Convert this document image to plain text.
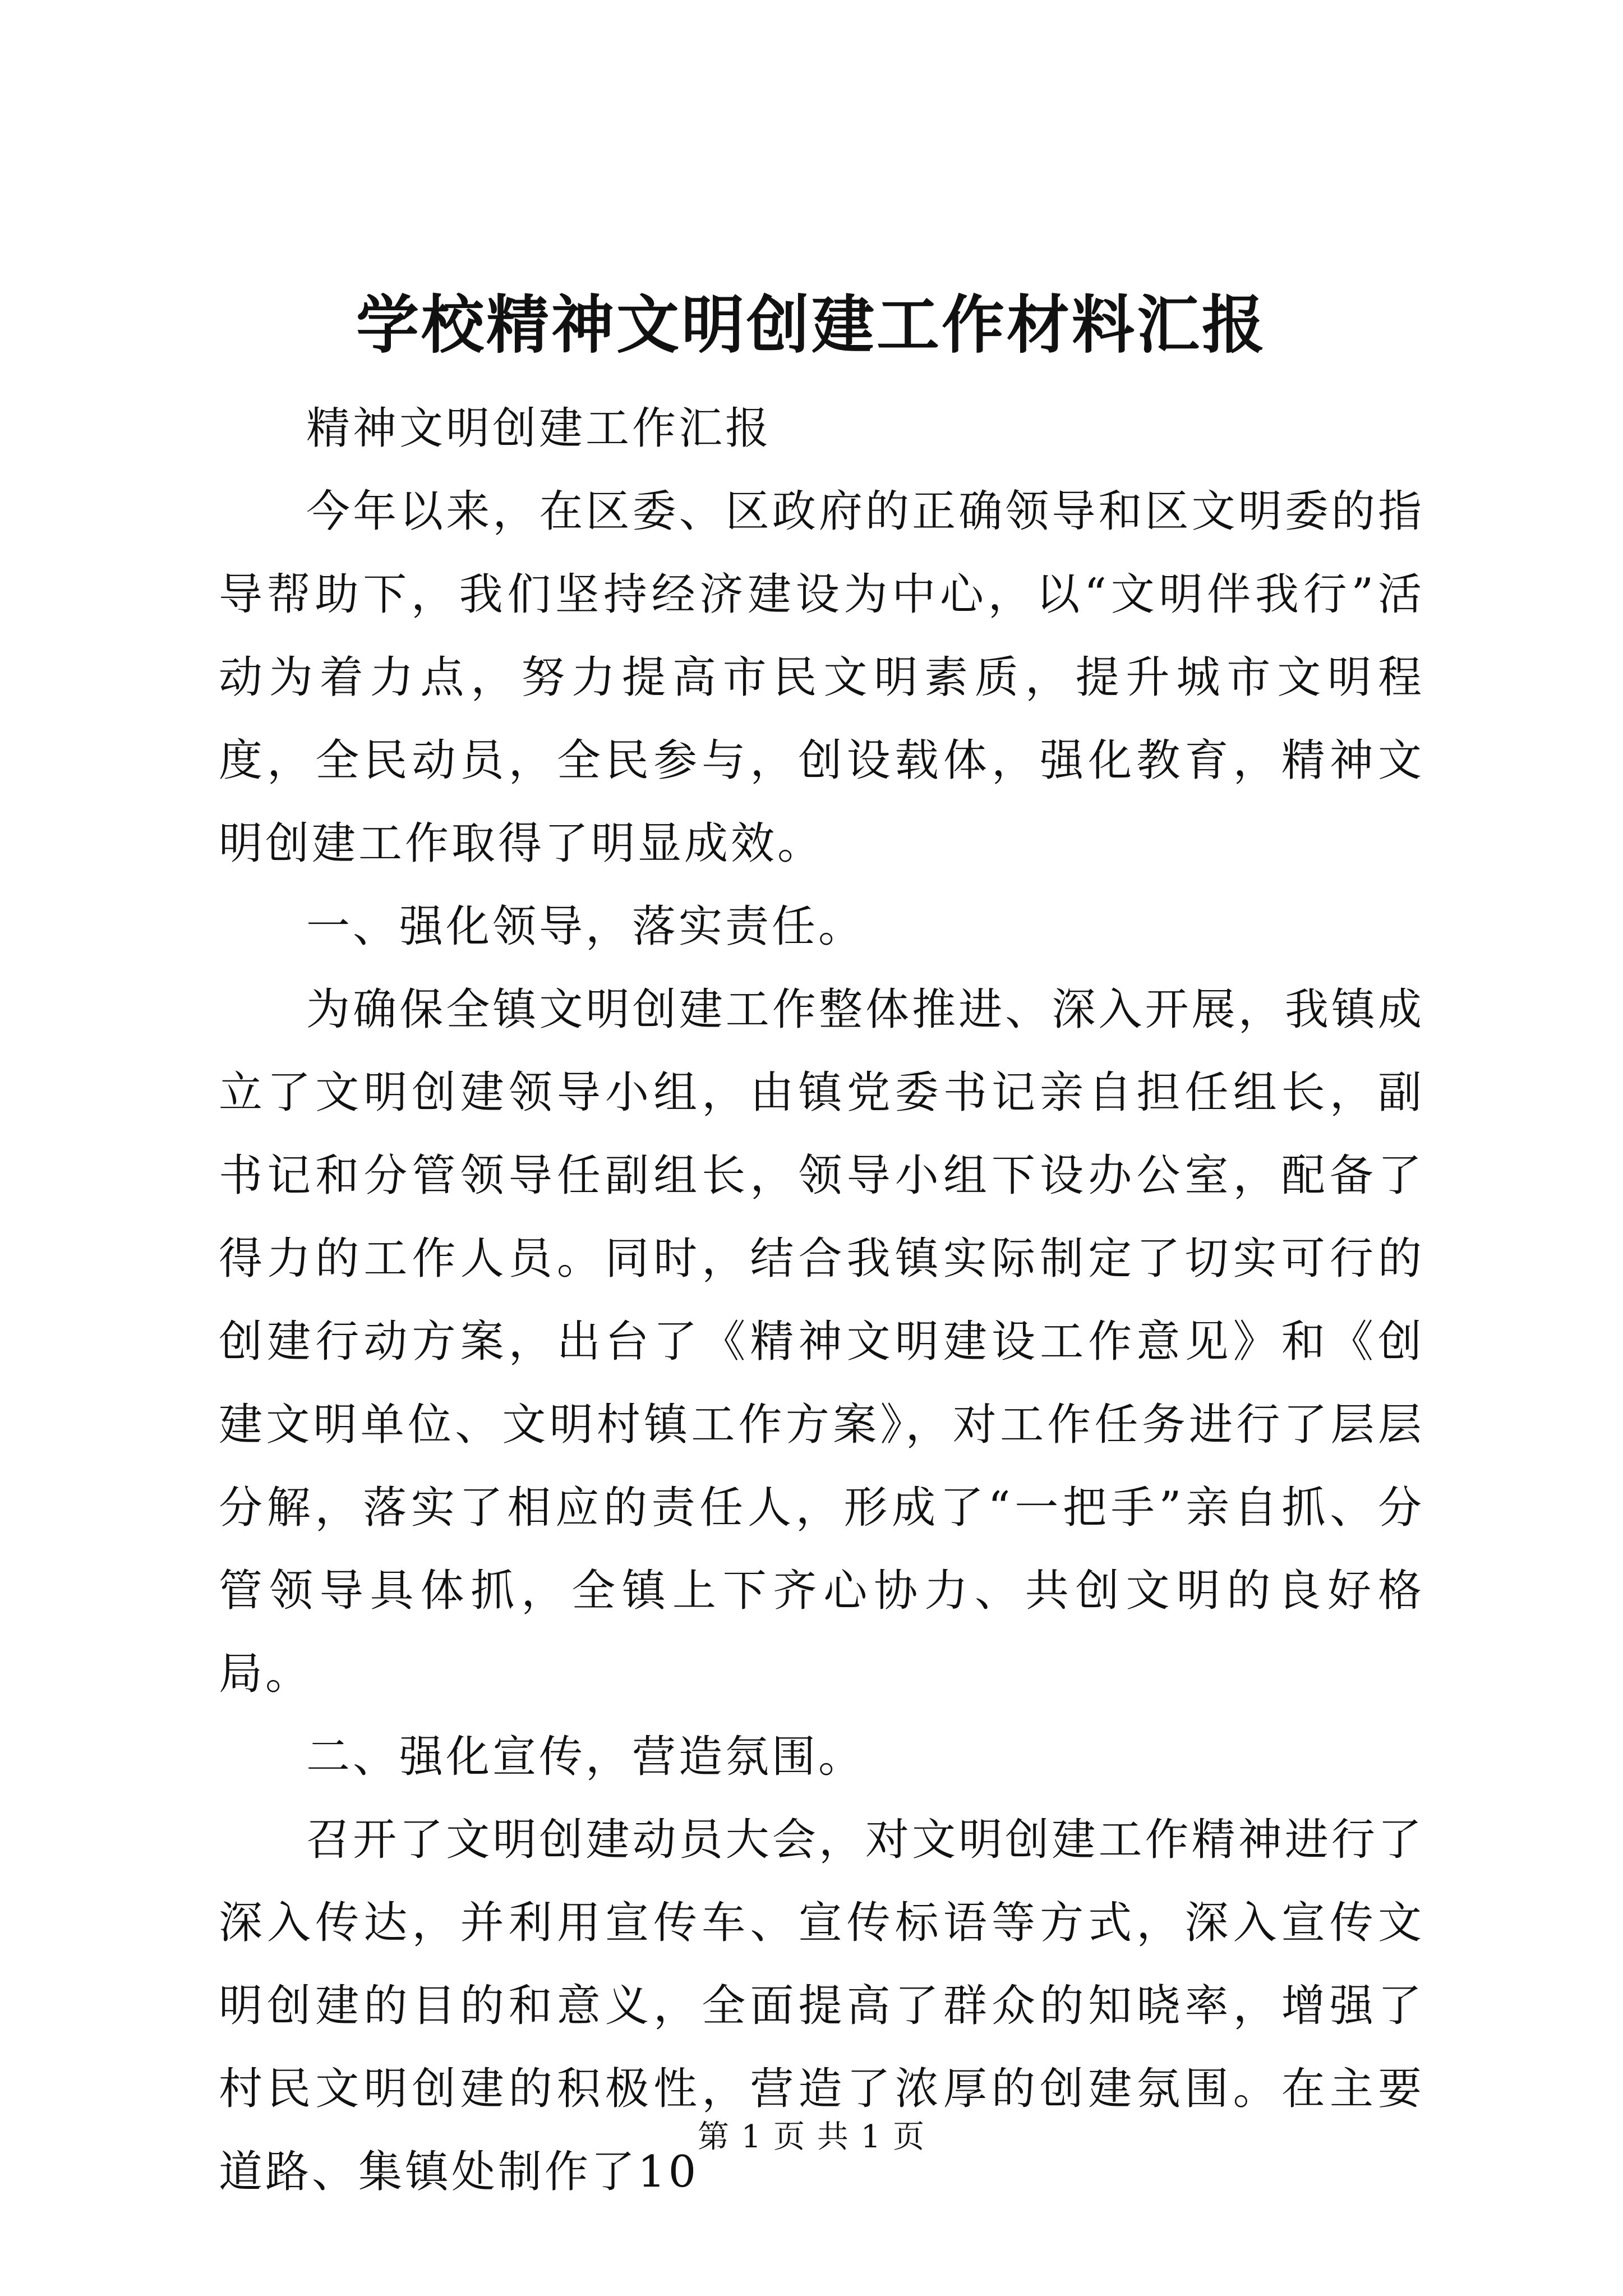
学校精神文明创建工作材料汇报

精神文明创建工作汇报

今年以来，在区委、区政府的正确领导和区文明委的指导帮助下，我们坚持经济建设为中心，以“文明伴我行”活动为着力点，努力提高市民文明素质，提升城市文明程度，全民动员，全民参与，创设载体，强化教育，精神文明创建工作取得了明显成效。

一、强化领导，落实责任。

为确保全镇文明创建工作整体推进、深入开展，我镇成立了文明创建领导小组，由镇党委书记亲自担任组长，副书记和分管领导任副组长，领导小组下设办公室，配备了得力的工作人员。同时，结合我镇实际制定了切实可行的创建行动方案，出台了《精神文明建设工作意见》和《创建文明单位、文明村镇工作方案》，对工作任务进行了层层分解，落实了相应的责任人，形成了“一把手”亲自抓、分管领导具体抓，全镇上下齐心协力、共创文明的良好格局。

二、强化宣传，营造氛围。

召开了文明创建动员大会，对文明创建工作精神进行了深入传达，并利用宣传车、宣传标语等方式，深入宣传文明创建的目的和意义，全面提高了群众的知晓率，增强了村民文明创建的积极性，营造了浓厚的创建氛围。在主要道路、集镇处制作了10

第 1 页 共 1 页
